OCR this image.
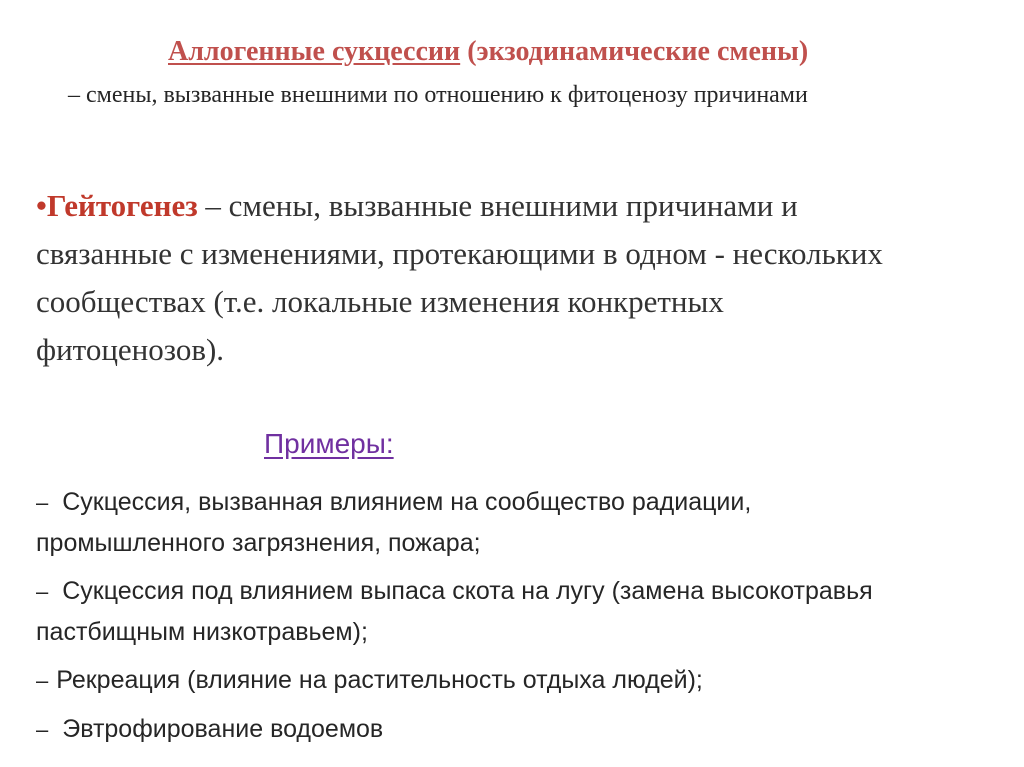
Аллогенные сукцессии (экзодинамические смены)
– смены, вызванные внешними по отношению к фитоценозу причинами
•Гейтогенез – смены, вызванные внешними причинами и связанные с изменениями, протекающими в одном - нескольких сообществах (т.е. локальные изменения конкретных фитоценозов).
Примеры:
– Сукцессия, вызванная влиянием на сообщество радиации, промышленного загрязнения, пожара;
– Сукцессия под влиянием выпаса скота на лугу (замена высокотравья пастбищным низкотравьем);
– Рекреация (влияние на растительность отдыха людей);
– Эвтрофирование водоемов
